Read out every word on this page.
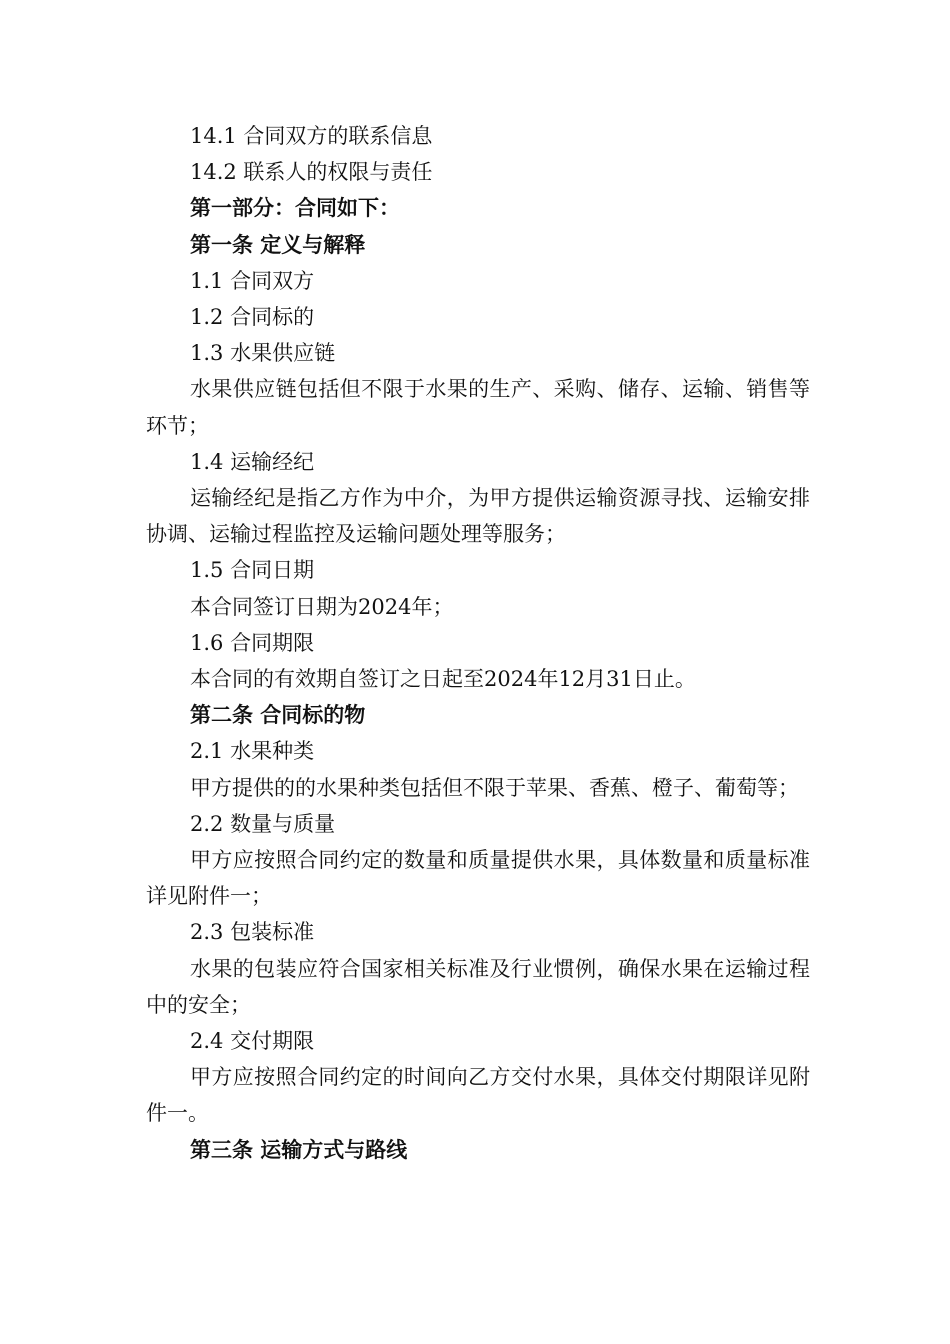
14.1 合同双方的联系信息
14.2 联系人的权限与责任
第一部分：合同如下：
第一条 定义与解释
1.1 合同双方
1.2 合同标的
1.3 水果供应链
水果供应链包括但不限于水果的生产、采购、储存、运输、销售等环节；
1.4 运输经纪
运输经纪是指乙方作为中介，为甲方提供运输资源寻找、运输安排协调、运输过程监控及运输问题处理等服务；
1.5 合同日期
本合同签订日期为2024年；
1.6 合同期限
本合同的有效期自签订之日起至2024年12月31日止。
第二条 合同标的物
2.1 水果种类
甲方提供的的水果种类包括但不限于苹果、香蕉、橙子、葡萄等；
2.2 数量与质量
甲方应按照合同约定的数量和质量提供水果，具体数量和质量标准详见附件一；
2.3 包装标准
水果的包装应符合国家相关标准及行业惯例，确保水果在运输过程中的安全；
2.4 交付期限
甲方应按照合同约定的时间向乙方交付水果，具体交付期限详见附件一。
第三条 运输方式与路线
